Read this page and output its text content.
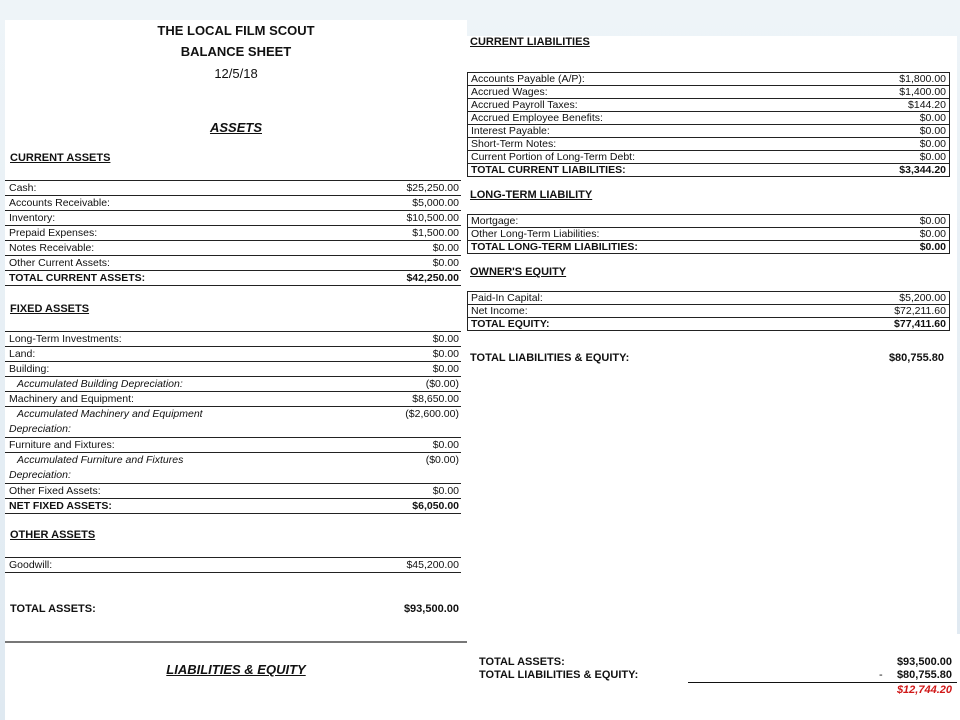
THE LOCAL FILM SCOUT
BALANCE SHEET
12/5/18
ASSETS
CURRENT ASSETS
Cash:	$25,250.00
Accounts Receivable:	$5,000.00
Inventory:	$10,500.00
Prepaid Expenses:	$1,500.00
Notes Receivable:	$0.00
Other Current Assets:	$0.00
TOTAL CURRENT ASSETS:	$42,250.00
FIXED ASSETS
Long-Term Investments:	$0.00
Land:	$0.00
Building:	$0.00
Accumulated Building Depreciation:	($0.00)
Machinery and Equipment:	$8,650.00
Accumulated Machinery and Equipment
Depreciation:	($2,600.00)
Furniture and Fixtures:	$0.00
Accumulated Furniture and Fixtures
Depreciation:	($0.00)
Other Fixed Assets:	$0.00
NET FIXED ASSETS:	$6,050.00
OTHER ASSETS
Goodwill:	$45,200.00
TOTAL ASSETS:	$93,500.00
LIABILITIES & EQUITY
CURRENT LIABILITIES
Accounts Payable (A/P):	$1,800.00
Accrued Wages:	$1,400.00
Accrued Payroll Taxes:	$144.20
Accrued Employee Benefits:	$0.00
Interest Payable:	$0.00
Short-Term Notes:	$0.00
Current Portion of Long-Term Debt:	$0.00
TOTAL CURRENT LIABILITIES:	$3,344.20
LONG-TERM LIABILITY
Mortgage:	$0.00
Other Long-Term Liabilities:	$0.00
TOTAL LONG-TERM LIABILITIES:	$0.00
OWNER'S EQUITY
Paid-In Capital:	$5,200.00
Net Income:	$72,211.60
TOTAL EQUITY:	$77,411.60
TOTAL LIABILITIES & EQUITY:	$80,755.80
TOTAL ASSETS:	$93,500.00
TOTAL LIABILITIES & EQUITY:	- $80,755.80
$12,744.20
